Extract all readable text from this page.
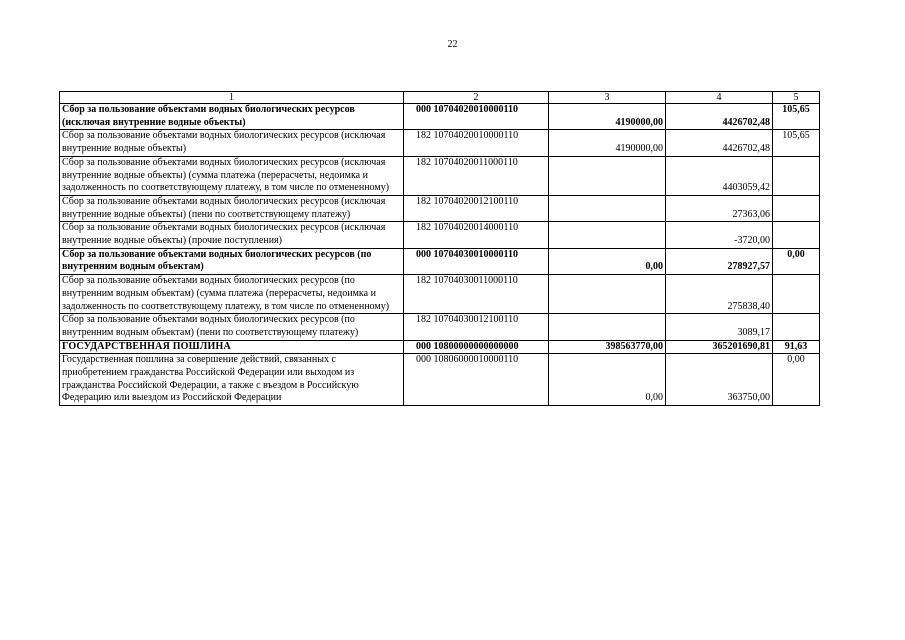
22
1	2	3	4	5
Сбор за пользование объектами водных биологических ресурсов (исключая внутренние водные объекты)	000 10704020010000110	4190000,00	4426702,48	105,65
Сбор за пользование объектами водных биологических ресурсов (исключая внутренние водные объекты)	182 10704020010000110	4190000,00	4426702,48	105,65
Сбор за пользование объектами водных биологических ресурсов (исключая внутренние водные объекты) (сумма платежа (перерасчеты, недоимка и задолженность по соответствующему платежу, в том числе по отмененному)	182 10704020011000110		4403059,42	
Сбор за пользование объектами водных биологических ресурсов (исключая внутренние водные объекты) (пени по соответствующему платежу)	182 10704020012100110		27363,06	
Сбор за пользование объектами водных биологических ресурсов (исключая внутренние водные объекты) (прочие поступления)	182 10704020014000110		-3720,00	
Сбор за пользование объектами водных биологических ресурсов (по внутренним водным объектам)	000 10704030010000110	0,00	278927,57	0,00
Сбор за пользование объектами водных биологических ресурсов (по внутренним водным объектам) (сумма платежа (перерасчеты, недоимка и задолженность по соответствующему платежу, в том числе по отмененному)	182 10704030011000110		275838,40	
Сбор за пользование объектами водных биологических ресурсов (по внутренним водным объектам) (пени по соответствующему платежу)	182 10704030012100110		3089,17	
ГОСУДАРСТВЕННАЯ ПОШЛИНА	000 10800000000000000	398563770,00	365201690,81	91,63
Государственная пошлина за совершение действий, связанных с приобретением гражданства Российской Федерации или выходом из гражданства Российской Федерации, а также с въездом в Российскую Федерацию или выездом из Российской Федерации	000 10806000010000110	0,00	363750,00	0,00
